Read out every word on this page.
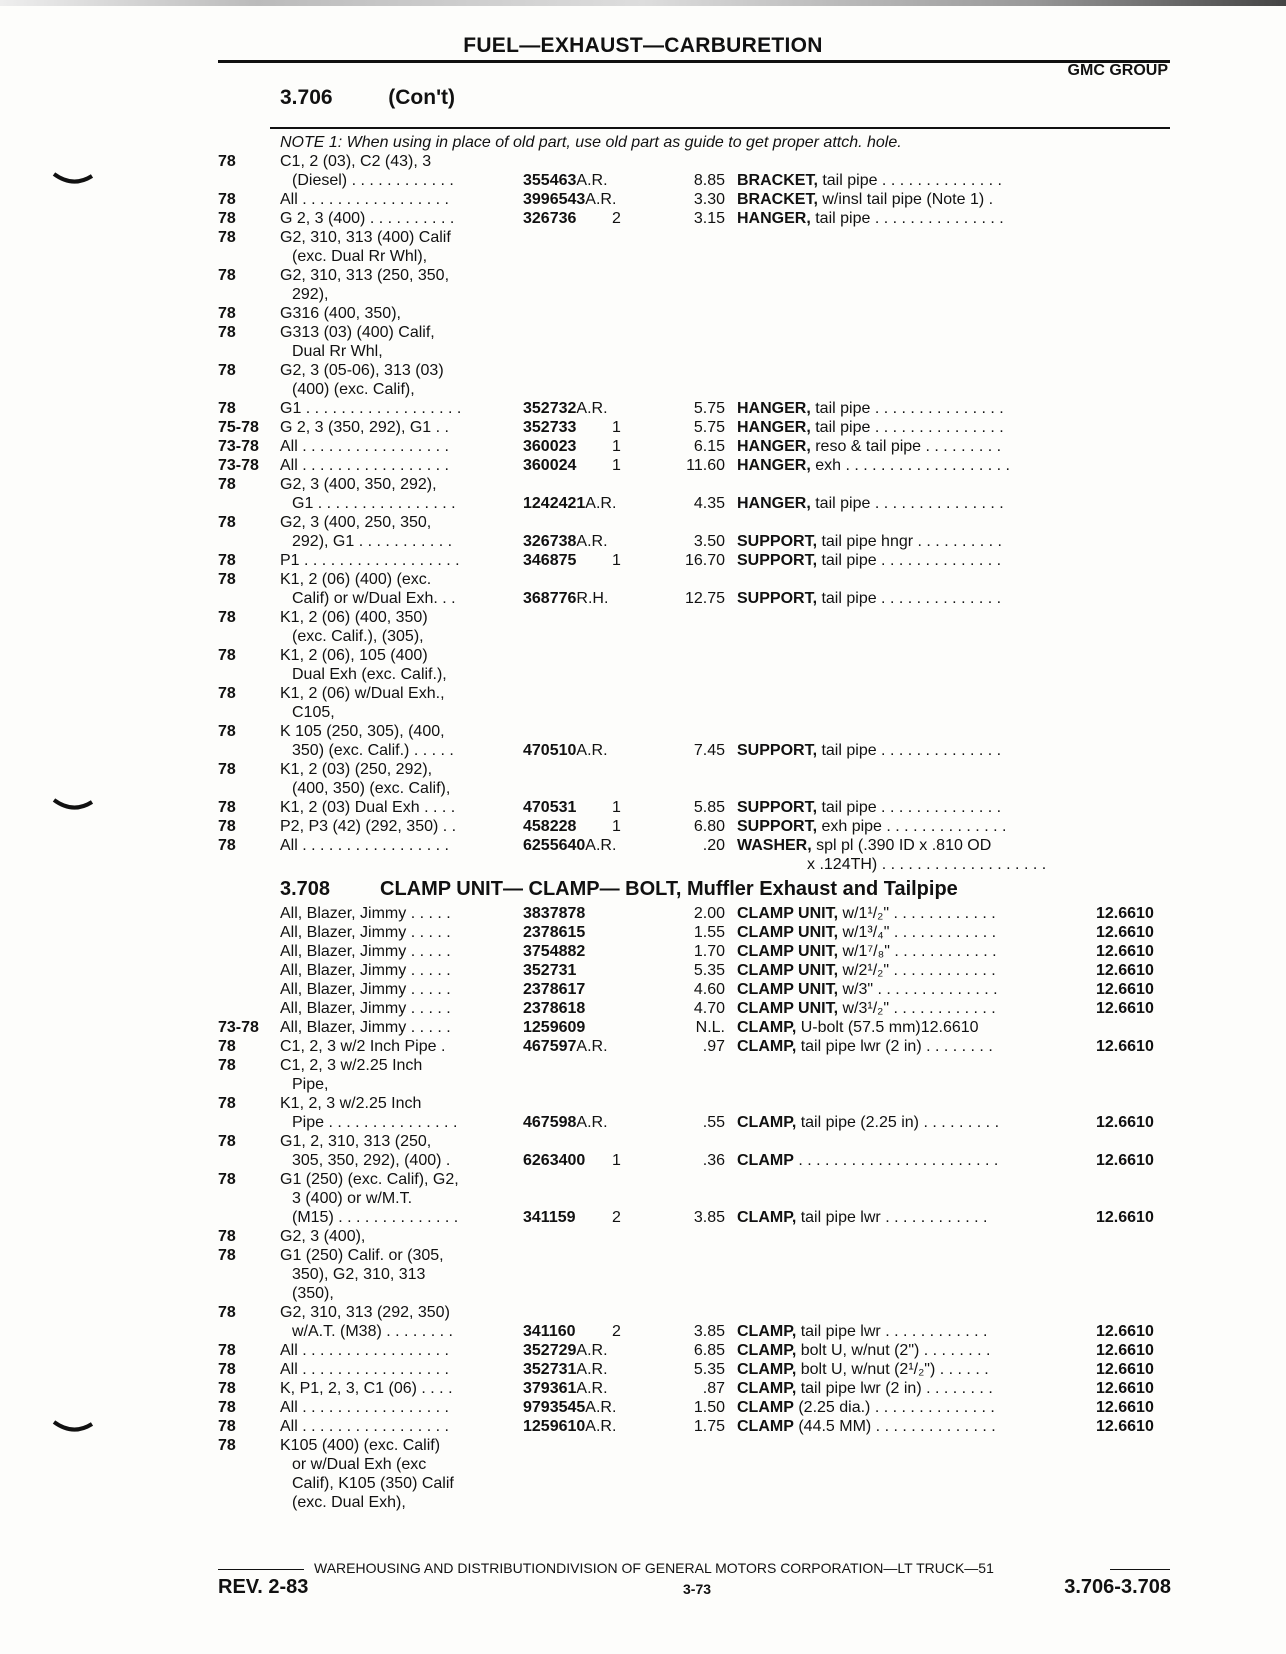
FUEL—EXHAUST—CARBURETION
GMC GROUP
3.706	(Con't)
NOTE 1: When using in place of old part, use old part as guide to get proper attch. hole.
78	C1, 2 (03), C2 (43), 3
(Diesel) . . . . . . . . . . . .	355463A.R.	8.85 BRACKET, tail pipe . . . . . . . . . . . . . .
78	All . . . . . . . . . . . . . . . . .	3996543A.R.	3.30 BRACKET, w/insl tail pipe (Note 1) .
78	G 2, 3 (400) . . . . . . . . . .	326736 2	3.15 HANGER, tail pipe . . . . . . . . . . . . . . .
78	G2, 310, 313 (400) Calif
(exc. Dual Rr Whl),
78	G2, 310, 313 (250, 350,
292),
78	G316 (400, 350),
78	G313 (03) (400) Calif,
Dual Rr Whl,
78	G2, 3 (05-06), 313 (03)
(400) (exc. Calif),
78	G1 . . . . . . . . . . . . . . . . . .	352732A.R.	5.75 HANGER, tail pipe . . . . . . . . . . . . . . .
75-78 G 2, 3 (350, 292), G1 . .	352733 1	5.75 HANGER, tail pipe . . . . . . . . . . . . . . .
73-78 All . . . . . . . . . . . . . . . . .	360023 1	6.15 HANGER, reso & tail pipe . . . . . . . . .
73-78 All . . . . . . . . . . . . . . . . .	360024 1	11.60 HANGER, exh . . . . . . . . . . . . . . . . . . .
78	G2, 3 (400, 350, 292),
G1 . . . . . . . . . . . . . . . .	1242421A.R.	4.35 HANGER, tail pipe . . . . . . . . . . . . . . .
78	G2, 3 (400, 250, 350,
292), G1 . . . . . . . . . . .	326738A.R.	3.50 SUPPORT, tail pipe hngr . . . . . . . . . .
78	P1 . . . . . . . . . . . . . . . . . .	346875 1	16.70 SUPPORT, tail pipe . . . . . . . . . . . . . .
78	K1, 2 (06) (400) (exc.
Calif) or w/Dual Exh. . .	368776R.H.	12.75 SUPPORT, tail pipe . . . . . . . . . . . . . .
78	K1, 2 (06) (400, 350)
(exc. Calif.), (305),
78	K1, 2 (06), 105 (400)
Dual Exh (exc. Calif.),
78	K1, 2 (06) w/Dual Exh.,
C105,
78	K 105 (250, 305), (400,
350) (exc. Calif.) . . . . .	470510A.R.	7.45 SUPPORT, tail pipe . . . . . . . . . . . . . .
78	K1, 2 (03) (250, 292),
(400, 350) (exc. Calif),
78	K1, 2 (03) Dual Exh . . . .	470531 1	5.85 SUPPORT, tail pipe . . . . . . . . . . . . . .
78	P2, P3 (42) (292, 350) . .	458228 1	6.80 SUPPORT, exh pipe . . . . . . . . . . . . . .
78	All . . . . . . . . . . . . . . . . .	6255640A.R.	.20 WASHER, spl pl (.390 ID x .810 OD
x .124TH) . . . . . . . . . . . . . . . . . . .
3.708 CLAMP UNIT— CLAMP— BOLT, Muffler Exhaust and Tailpipe
All, Blazer, Jimmy . . . . .	3837878	2.00 CLAMP UNIT, w/1¹/₂" . . . . . . . . . . . .	12.6610
All, Blazer, Jimmy . . . . .	2378615	1.55 CLAMP UNIT, w/1³/₄" . . . . . . . . . . . .	12.6610
All, Blazer, Jimmy . . . . .	3754882	1.70 CLAMP UNIT, w/1⁷/₈" . . . . . . . . . . . .	12.6610
All, Blazer, Jimmy . . . . .	352731	5.35 CLAMP UNIT, w/2¹/₂" . . . . . . . . . . . .	12.6610
All, Blazer, Jimmy . . . . .	2378617	4.60 CLAMP UNIT, w/3" . . . . . . . . . . . . . .	12.6610
All, Blazer, Jimmy . . . . .	2378618	4.70 CLAMP UNIT, w/3¹/₂" . . . . . . . . . . . .	12.6610
73-78 All, Blazer, Jimmy . . . . .	1259609	N.L. CLAMP, U-bolt (57.5 mm)12.6610
78	C1, 2, 3 w/2 Inch Pipe .	467597A.R.	.97 CLAMP, tail pipe lwr (2 in) . . . . . . . .	12.6610
78	C1, 2, 3 w/2.25 Inch
Pipe,
78	K1, 2, 3 w/2.25 Inch
Pipe . . . . . . . . . . . . . . .	467598A.R.	.55 CLAMP, tail pipe (2.25 in) . . . . . . . . .	12.6610
78	G1, 2, 310, 313 (250,
305, 350, 292), (400) .	6263400 1	.36 CLAMP . . . . . . . . . . . . . . . . . . . . . . .	12.6610
78	G1 (250) (exc. Calif), G2,
3 (400) or w/M.T.
(M15) . . . . . . . . . . . . . .	341159 2	3.85 CLAMP, tail pipe lwr . . . . . . . . . . . .	12.6610
78	G2, 3 (400),
78	G1 (250) Calif. or (305,
350), G2, 310, 313
(350),
78	G2, 310, 313 (292, 350)
w/A.T. (M38) . . . . . . . .	341160 2	3.85 CLAMP, tail pipe lwr . . . . . . . . . . . .	12.6610
78	All . . . . . . . . . . . . . . . . .	352729A.R.	6.85 CLAMP, bolt U, w/nut (2") . . . . . . . .	12.6610
78	All . . . . . . . . . . . . . . . . .	352731A.R.	5.35 CLAMP, bolt U, w/nut (2¹/₂") . . . . . .	12.6610
78	K, P1, 2, 3, C1 (06) . . . .	379361A.R.	.87 CLAMP, tail pipe lwr (2 in) . . . . . . . .	12.6610
78	All . . . . . . . . . . . . . . . . .	9793545A.R.	1.50 CLAMP (2.25 dia.) . . . . . . . . . . . . . .	12.6610
78	All . . . . . . . . . . . . . . . . .	1259610A.R.	1.75 CLAMP (44.5 MM) . . . . . . . . . . . . . .	12.6610
78	K105 (400) (exc. Calif)
or w/Dual Exh (exc
Calif), K105 (350) Calif
(exc. Dual Exh),
WAREHOUSING AND DISTRIBUTIONDIVISION OF GENERAL MOTORS CORPORATION—LT TRUCK—51
REV. 2-83	3-73	3.706-3.708
